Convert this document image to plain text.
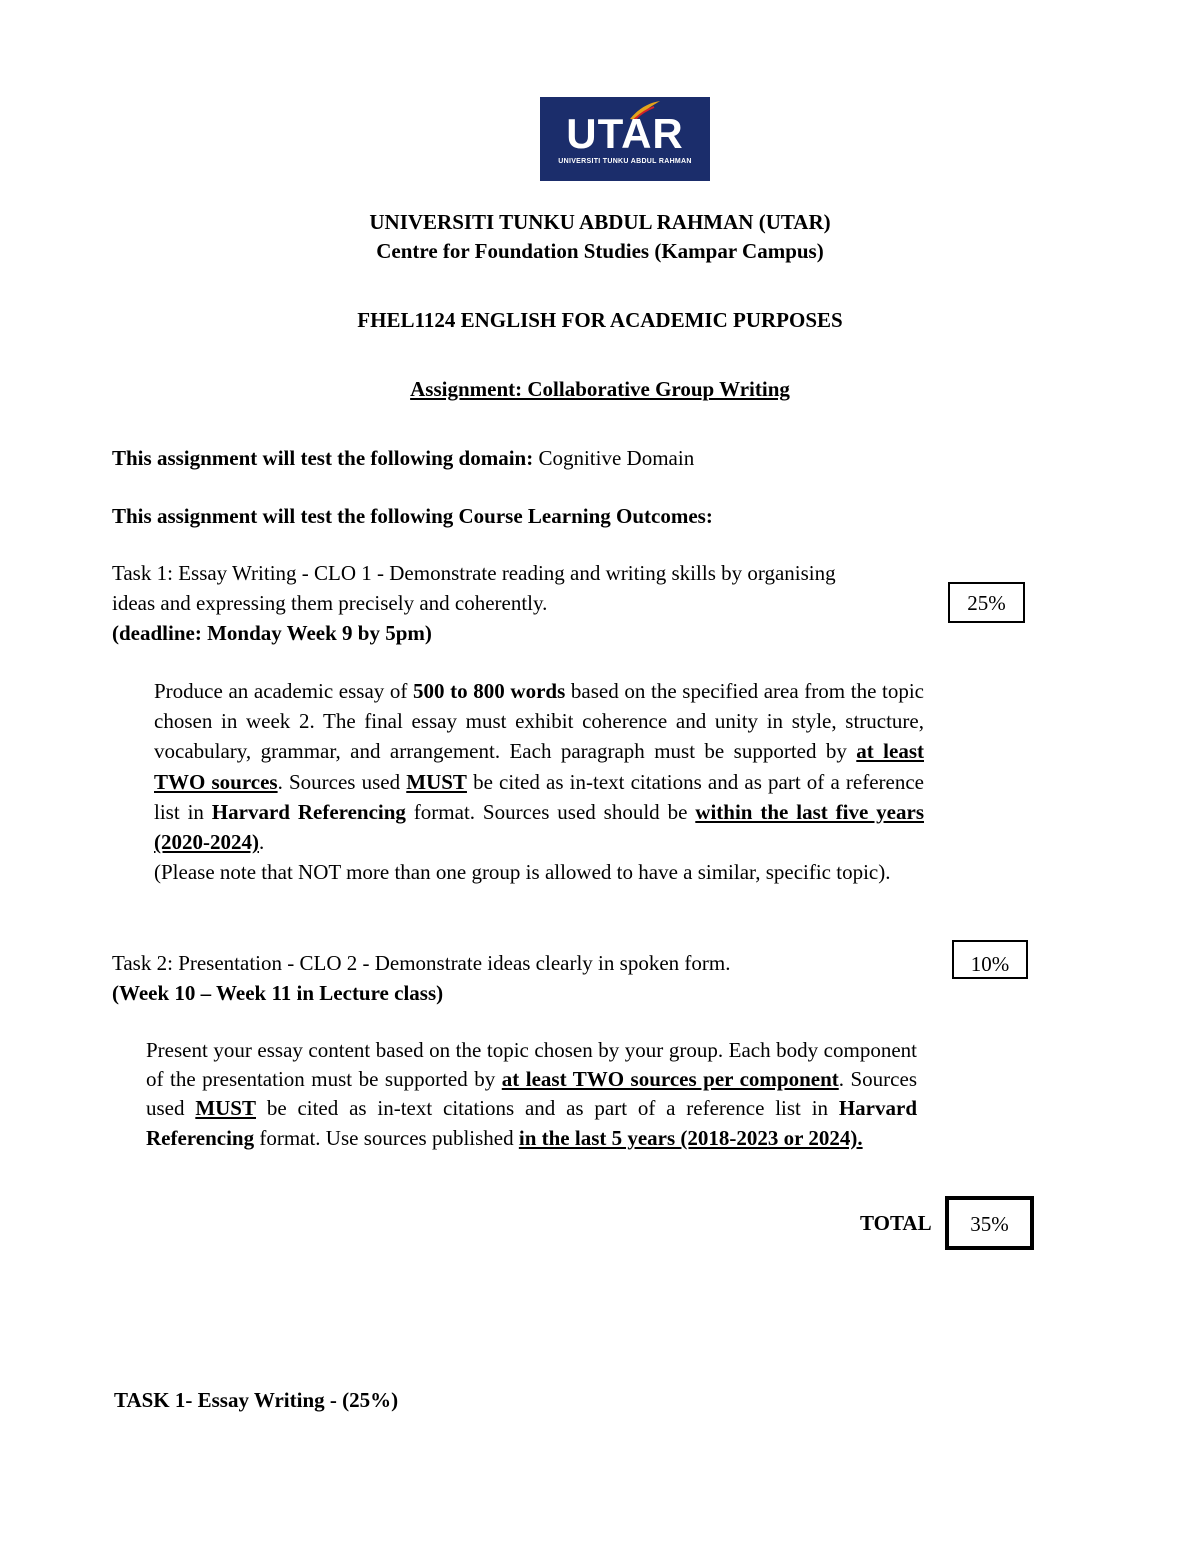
UTAR
UNIVERSITI TUNKU ABDUL RAHMAN
UNIVERSITI TUNKU ABDUL RAHMAN (UTAR)
Centre for Foundation Studies (Kampar Campus)
FHEL1124 ENGLISH FOR ACADEMIC PURPOSES
Assignment: Collaborative Group Writing
This assignment will test the following domain: Cognitive Domain
This assignment will test the following Course Learning Outcomes:
Task 1: Essay Writing - CLO 1 - Demonstrate reading and writing skills by organising
ideas and expressing them precisely and coherently.
(deadline: Monday Week 9 by 5pm)
25%
Produce an academic essay of 500 to 800 words based on the specified area from the topic chosen in week 2. The final essay must exhibit coherence and unity in style, structure, vocabulary, grammar, and arrangement. Each paragraph must be supported by at least TWO sources. Sources used MUST be cited as in-text citations and as part of a reference list in Harvard Referencing format. Sources used should be within the last five years (2020-2024).
(Please note that NOT more than one group is allowed to have a similar, specific topic).
Task 2: Presentation - CLO 2 - Demonstrate ideas clearly in spoken form.
(Week 10 – Week 11 in Lecture class)
10%
Present your essay content based on the topic chosen by your group. Each body component of the presentation must be supported by at least TWO sources per component. Sources used MUST be cited as in-text citations and as part of a reference list in Harvard Referencing format. Use sources published in the last 5 years (2018-2023 or 2024).
TOTAL	35%
TASK 1- Essay Writing - (25%)
